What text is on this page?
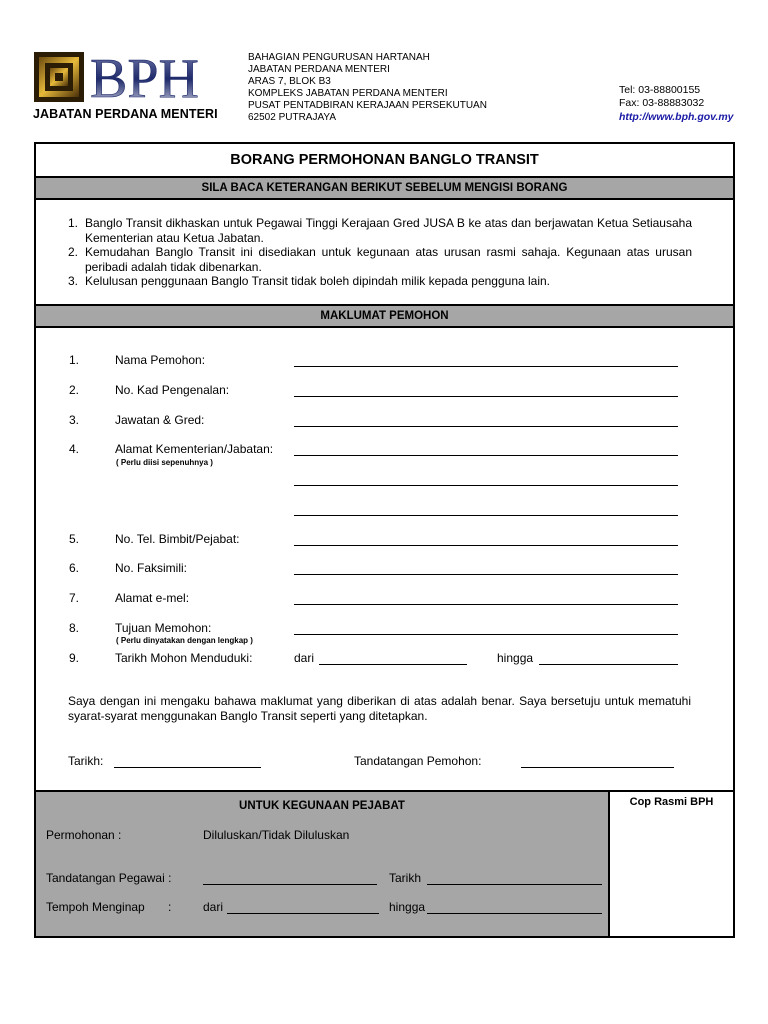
BPH
JABATAN PERDANA MENTERI
BAHAGIAN PENGURUSAN HARTANAH
JABATAN PERDANA MENTERI
ARAS 7, BLOK B3
KOMPLEKS JABATAN PERDANA MENTERI
PUSAT PENTADBIRAN KERAJAAN PERSEKUTUAN
62502 PUTRAJAYA
Tel: 03-88800155
Fax: 03-88883032
http://www.bph.gov.my
BORANG PERMOHONAN BANGLO TRANSIT
SILA BACA KETERANGAN BERIKUT SEBELUM MENGISI BORANG
1. Banglo Transit dikhaskan untuk Pegawai Tinggi Kerajaan Gred JUSA B ke atas dan berjawatan Ketua Setiausaha Kementerian atau Ketua Jabatan.
2. Kemudahan Banglo Transit ini disediakan untuk kegunaan atas urusan rasmi sahaja. Kegunaan atas urusan peribadi adalah tidak dibenarkan.
3. Kelulusan penggunaan Banglo Transit tidak boleh dipindah milik kepada pengguna lain.
MAKLUMAT PEMOHON
1.	Nama Pemohon:
2.	No. Kad Pengenalan:
3.	Jawatan & Gred:
4.	Alamat Kementerian/Jabatan:
( Perlu diisi sepenuhnya )
5.	No. Tel. Bimbit/Pejabat:
6.	No. Faksimili:
7.	Alamat e-mel:
8.	Tujuan Memohon:
( Perlu dinyatakan dengan lengkap )
9.	Tarikh Mohon Menduduki:	dari	hingga
Saya dengan ini mengaku bahawa maklumat yang diberikan di atas adalah benar. Saya bersetuju untuk mematuhi syarat-syarat menggunakan Banglo Transit seperti yang ditetapkan.
Tarikh:	Tandatangan Pemohon:
UNTUK KEGUNAAN PEJABAT
Permohonan :	Diluluskan/Tidak Diluluskan
Tandatangan Pegawai :	Tarikh
Tempoh Menginap :	dari	hingga
Cop Rasmi BPH
